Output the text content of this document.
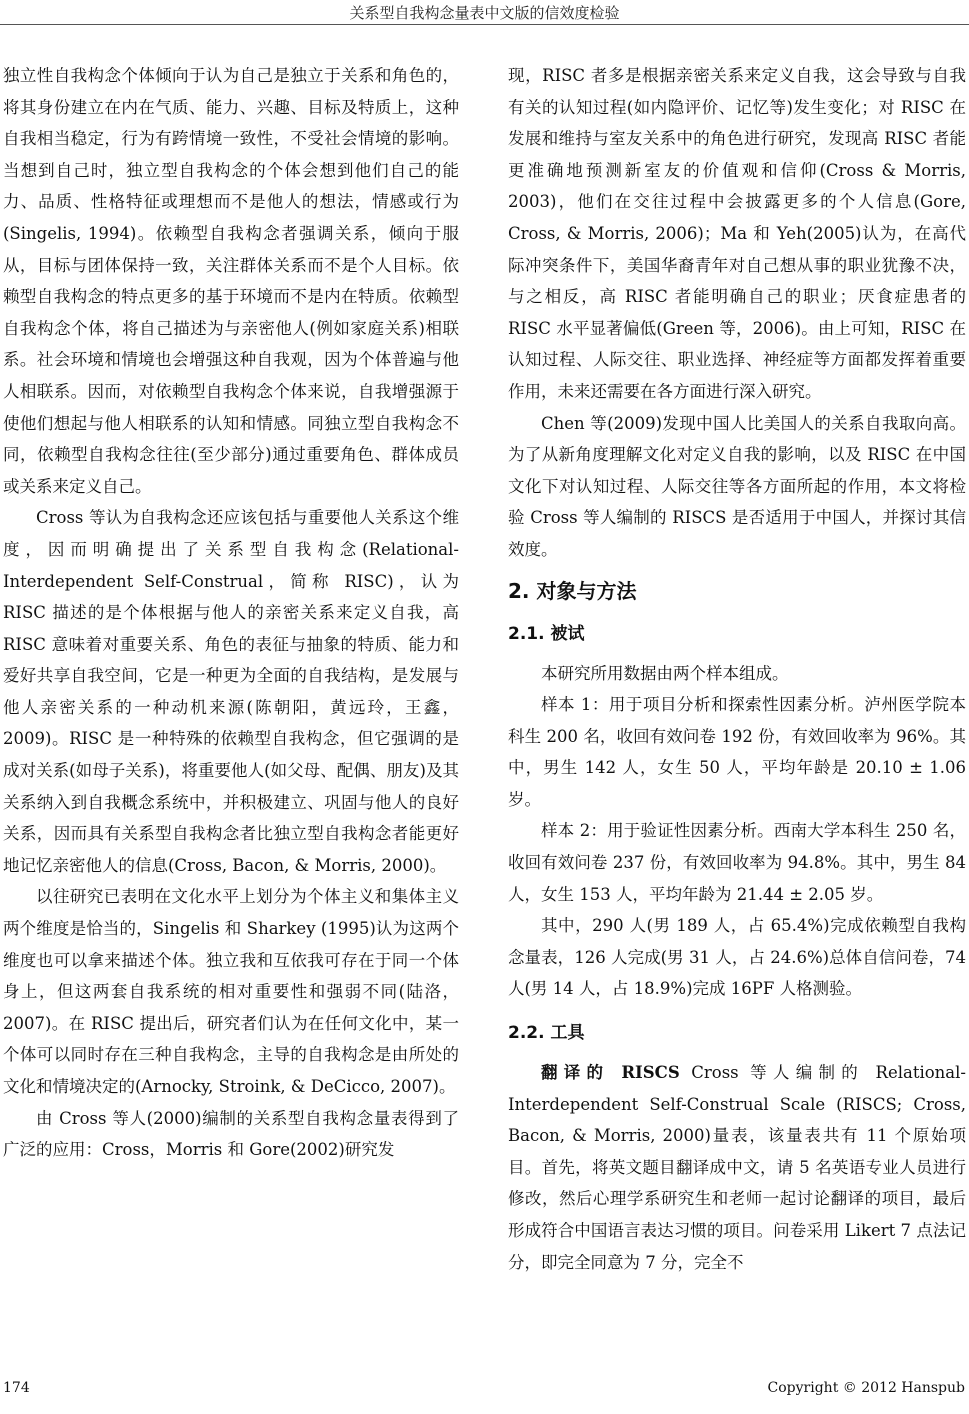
关系型自我构念量表中文版的信效度检验

独立性自我构念个体倾向于认为自己是独立于关系和角色的，将其身份建立在内在气质、能力、兴趣、目标及特质上，这种自我相当稳定，行为有跨情境一致性，不受社会情境的影响。当想到自己时，独立型自我构念的个体会想到他们自己的能力、品质、性格特征或理想而不是他人的想法，情感或行为(Singelis, 1994)。依赖型自我构念者强调关系，倾向于服从，目标与团体保持一致，关注群体关系而不是个人目标。依赖型自我构念的特点更多的基于环境而不是内在特质。依赖型自我构念个体，将自己描述为与亲密他人(例如家庭关系)相联系。社会环境和情境也会增强这种自我观，因为个体普遍与他人相联系。因而，对依赖型自我构念个体来说，自我增强源于使他们想起与他人相联系的认知和情感。同独立型自我构念不同，依赖型自我构念往往(至少部分)通过重要角色、群体成员或关系来定义自己。

Cross 等认为自我构念还应该包括与重要他人关系这个维度，因而明确提出了关系型自我构念(Relational-Interdependent Self-Construal，简称 RISC)，认为 RISC 描述的是个体根据与他人的亲密关系来定义自我，高 RISC 意味着对重要关系、角色的表征与抽象的特质、能力和爱好共享自我空间，它是一种更为全面的自我结构，是发展与他人亲密关系的一种动机来源(陈朝阳，黄远玲，王鑫，2009)。RISC 是一种特殊的依赖型自我构念，但它强调的是成对关系(如母子关系)，将重要他人(如父母、配偶、朋友)及其关系纳入到自我概念系统中，并积极建立、巩固与他人的良好关系，因而具有关系型自我构念者比独立型自我构念者能更好地记忆亲密他人的信息(Cross, Bacon, & Morris, 2000)。

以往研究已表明在文化水平上划分为个体主义和集体主义两个维度是恰当的，Singelis 和 Sharkey (1995)认为这两个维度也可以拿来描述个体。独立我和互依我可存在于同一个体身上，但这两套自我系统的相对重要性和强弱不同(陆洛，2007)。在 RISC 提出后，研究者们认为在任何文化中，某一个体可以同时存在三种自我构念，主导的自我构念是由所处的文化和情境决定的(Arnocky, Stroink, & DeCicco, 2007)。

由 Cross 等人(2000)编制的关系型自我构念量表得到了广泛的应用：Cross，Morris 和 Gore(2002)研究发

现，RISC 者多是根据亲密关系来定义自我，这会导致与自我有关的认知过程(如内隐评价、记忆等)发生变化；对 RISC 在发展和维持与室友关系中的角色进行研究，发现高 RISC 者能更准确地预测新室友的价值观和信仰(Cross & Morris, 2003)，他们在交往过程中会披露更多的个人信息(Gore, Cross, & Morris, 2006)；Ma 和 Yeh(2005)认为，在高代际冲突条件下，美国华裔青年对自己想从事的职业犹豫不决，与之相反，高 RISC 者能明确自己的职业；厌食症患者的 RISC 水平显著偏低(Green 等，2006)。由上可知，RISC 在认知过程、人际交往、职业选择、神经症等方面都发挥着重要作用，未来还需要在各方面进行深入研究。

Chen 等(2009)发现中国人比美国人的关系自我取向高。为了从新角度理解文化对定义自我的影响，以及 RISC 在中国文化下对认知过程、人际交往等各方面所起的作用，本文将检验 Cross 等人编制的 RISCS 是否适用于中国人，并探讨其信效度。

2. 对象与方法
2.1. 被试

本研究所用数据由两个样本组成。

样本 1：用于项目分析和探索性因素分析。泸州医学院本科生 200 名，收回有效问卷 192 份，有效回收率为 96%。其中，男生 142 人，女生 50 人，平均年龄是 20.10 ± 1.06 岁。

样本 2：用于验证性因素分析。西南大学本科生 250 名，收回有效问卷 237 份，有效回收率为 94.8%。其中，男生 84 人，女生 153 人，平均年龄为 21.44 ± 2.05 岁。

其中，290 人(男 189 人，占 65.4%)完成依赖型自我构念量表，126 人完成(男 31 人，占 24.6%)总体自信问卷，74 人(男 14 人，占 18.9%)完成 16PF 人格测验。

2.2. 工具

翻译的 RISCS Cross 等人编制的 Relational-Interdependent Self-Construal Scale (RISCS; Cross, Bacon, & Morris, 2000)量表，该量表共有 11 个原始项目。首先，将英文题目翻译成中文，请 5 名英语专业人员进行修改，然后心理学系研究生和老师一起讨论翻译的项目，最后形成符合中国语言表达习惯的项目。问卷采用 Likert 7 点法记分，即完全同意为 7 分，完全不

174	Copyright © 2012 Hanspub
